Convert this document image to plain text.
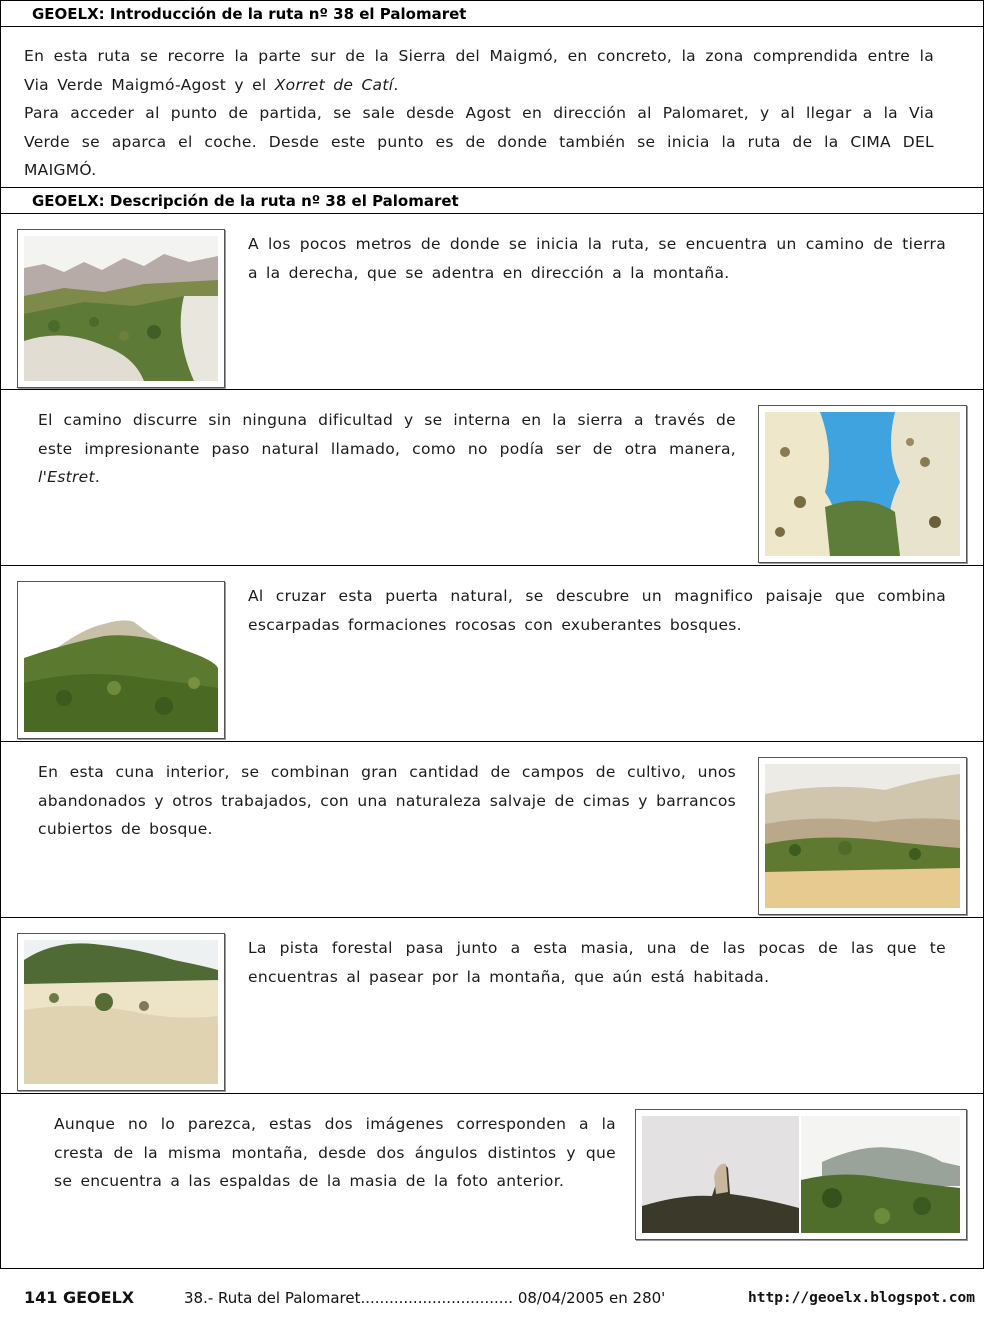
GEOELX: Introducción de la ruta nº 38 el Palomaret
En esta ruta se recorre la parte sur de la Sierra del Maigmó, en concreto, la zona comprendida entre la Via Verde Maigmó-Agost y el Xorret de Catí.
Para acceder al punto de partida, se sale desde Agost en dirección al Palomaret, y al llegar a la Via Verde se aparca el coche. Desde este punto es de donde también se inicia la ruta de la CIMA DEL MAIGMÓ.
GEOELX: Descripción de la ruta nº 38 el Palomaret
A los pocos metros de donde se inicia la ruta, se encuentra un camino de tierra a la derecha, que se adentra en dirección a la montaña.
El camino discurre sin ninguna dificultad y se interna en la sierra a través de este impresionante paso natural llamado, como no podía ser de otra manera, l'Estret.
Al cruzar esta puerta natural, se descubre un magnifico paisaje que combina escarpadas formaciones rocosas con exuberantes bosques.
En esta cuna interior, se combinan gran cantidad de campos de cultivo, unos abandonados y otros trabajados, con una naturaleza salvaje de cimas y barrancos cubiertos de bosque.
La pista forestal pasa junto a esta masia, una de las pocas de las que te encuentras al pasear por la montaña, que aún está habitada.
Aunque no lo parezca, estas dos imágenes corresponden a la cresta de la misma montaña, desde dos ángulos distintos y que se encuentra a las espaldas de la masia de la foto anterior.
141 GEOELX	38.- Ruta del Palomaret................................ 08/04/2005 en 280'	http://geoelx.blogspot.com
